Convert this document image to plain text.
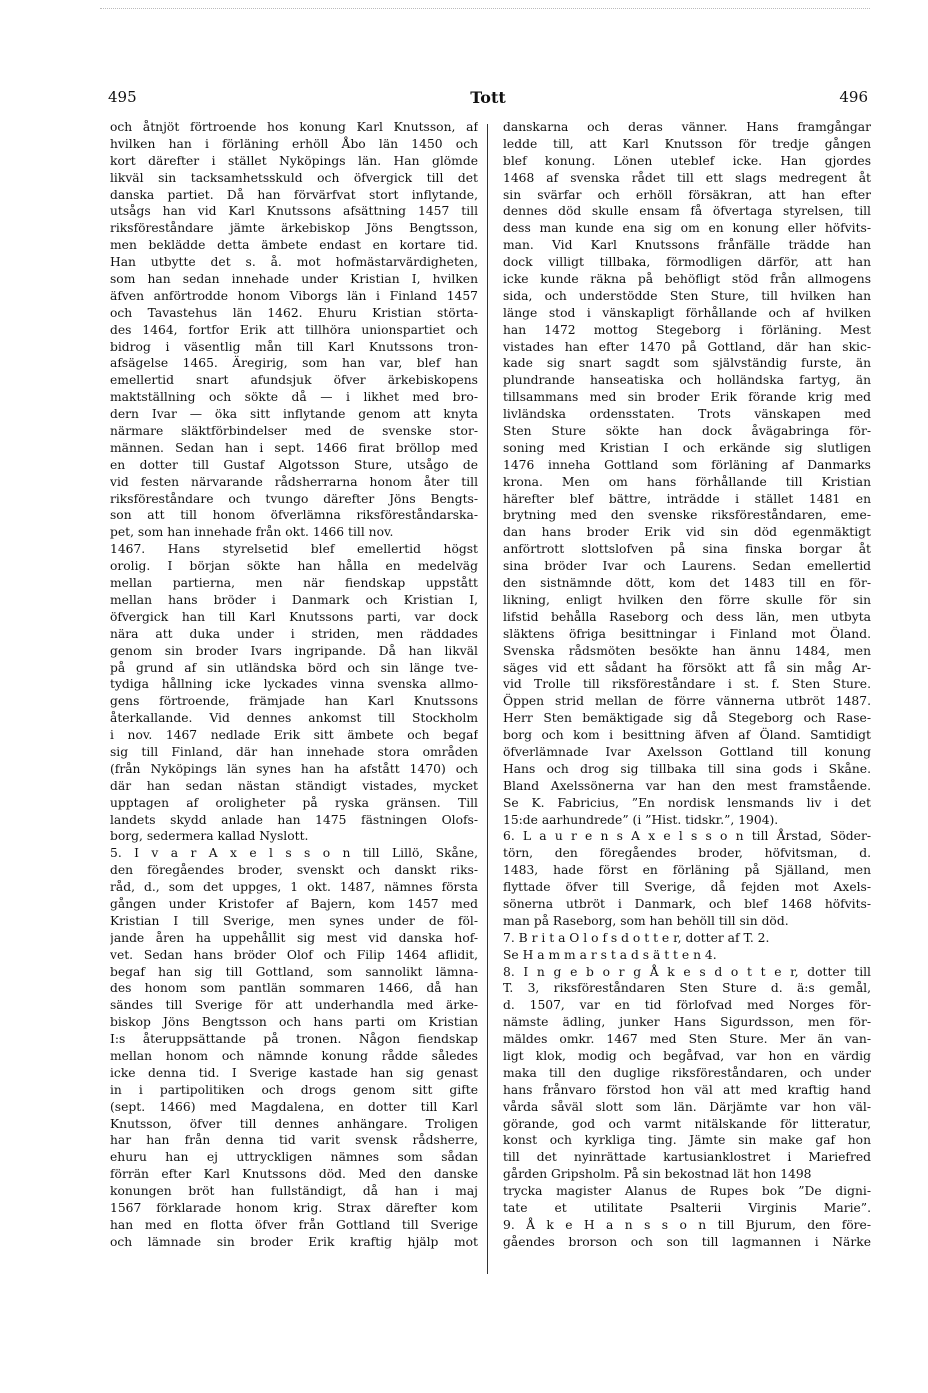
495	Tott	496
och åtnjöt förtroende hos konung Karl Knutsson, af
hvilken han i förläning erhöll Åbo län 1450 och
kort därefter i stället Nyköpings län. Han glömde
likväl sin tacksamhetsskuld och öfvergick till det
danska partiet. Då han förvärfvat stort inflytande,
utsågs han vid Karl Knutssons afsättning 1457 till
riksföreståndare jämte ärkebiskop Jöns Bengtsson,
men beklädde detta ämbete endast en kortare tid.
Han utbytte det s. å. mot hofmästarvärdigheten,
som han sedan innehade under Kristian I, hvilken
äfven anförtrodde honom Viborgs län i Finland 1457
och Tavastehus län 1462. Ehuru Kristian störta-
des 1464, fortfor Erik att tillhöra unionspartiet och
bidrog i väsentlig mån till Karl Knutssons tron-
afsägelse 1465. Äregirig, som han var, blef han
emellertid snart afundsjuk öfver ärkebiskopens
maktställning och sökte då — i likhet med bro-
dern Ivar — öka sitt inflytande genom att knyta
närmare släktförbindelser med de svenske stor-
männen. Sedan han i sept. 1466 firat bröllop med
en dotter till Gustaf Algotsson Sture, utsågo de
vid festen närvarande rådsherrarna honom åter till
riksföreståndare och tvungo därefter Jöns Bengts-
son att till honom öfverlämna riksföreståndarska-
pet, som han innehade från okt. 1466 till nov.
1467. Hans styrelsetid blef emellertid högst
orolig. I början sökte han hålla en medelväg
mellan partierna, men när fiendskap uppstått
mellan hans bröder i Danmark och Kristian I,
öfvergick han till Karl Knutssons parti, var dock
nära att duka under i striden, men räddades
genom sin broder Ivars ingripande. Då han likväl
på grund af sin utländska börd och sin länge tve-
tydiga hållning icke lyckades vinna svenska allmo-
gens förtroende, främjade han Karl Knutssons
återkallande. Vid dennes ankomst till Stockholm
i nov. 1467 nedlade Erik sitt ämbete och begaf
sig till Finland, där han innehade stora områden
(från Nyköpings län synes han ha afstått 1470) och
där han sedan nästan ständigt vistades, mycket
upptagen af oroligheter på ryska gränsen. Till
landets skydd anlade han 1475 fästningen Olofs-
borg, sedermera kallad Nyslott.
5. I v a r A x e l s s o n till Lillö, Skåne,
den föregåendes broder, svenskt och danskt riks-
råd, d., som det uppges, 1 okt. 1487, nämnes första
gången under Kristofer af Bajern, kom 1457 med
Kristian I till Sverige, men synes under de föl-
jande åren ha uppehållit sig mest vid danska hof-
vet. Sedan hans bröder Olof och Filip 1464 aflidit,
begaf han sig till Gottland, som sannolikt lämna-
des honom som pantlän sommaren 1466, då han
sändes till Sverige för att underhandla med ärke-
biskop Jöns Bengtsson och hans parti om Kristian
I:s återuppsättande på tronen. Någon fiendskap
mellan honom och nämnde konung rådde således
icke denna tid. I Sverige kastade han sig genast
in i partipolitiken och drogs genom sitt gifte
(sept. 1466) med Magdalena, en dotter till Karl
Knutsson, öfver till dennes anhängare. Troligen
har han från denna tid varit svensk rådsherre,
ehuru han ej uttryckligen nämnes som sådan
förrän efter Karl Knutssons död. Med den danske
konungen bröt han fullständigt, då han i maj
1567 förklarade honom krig. Strax därefter kom
han med en flotta öfver från Gottland till Sverige
och lämnade sin broder Erik kraftig hjälp mot
danskarna och deras vänner. Hans framgångar
ledde till, att Karl Knutsson för tredje gången
blef konung. Lönen uteblef icke. Han gjordes
1468 af svenska rådet till ett slags medregent åt
sin svärfar och erhöll försäkran, att han efter
dennes död skulle ensam få öfvertaga styrelsen, till
dess man kunde ena sig om en konung eller höfvits-
man. Vid Karl Knutssons frånfälle trädde han
dock villigt tillbaka, förmodligen därför, att han
icke kunde räkna på behöfligt stöd från allmogens
sida, och understödde Sten Sture, till hvilken han
länge stod i vänskapligt förhållande och af hvilken
han 1472 mottog Stegeborg i förläning. Mest
vistades han efter 1470 på Gottland, där han skic-
kade sig snart sagdt som självständig furste, än
plundrande hanseatiska och holländska fartyg, än
tillsammans med sin broder Erik förande krig med
livländska ordensstaten. Trots vänskapen med
Sten Sture sökte han dock åvägabringa för-
soning med Kristian I och erkände sig slutligen
1476 inneha Gottland som förläning af Danmarks
krona. Men om hans förhållande till Kristian
härefter blef bättre, inträdde i stället 1481 en
brytning med den svenske riksföreståndaren, eme-
dan hans broder Erik vid sin död egenmäktigt
anförtrott slottslofven på sina finska borgar åt
sina bröder Ivar och Laurens. Sedan emellertid
den sistnämnde dött, kom det 1483 till en för-
likning, enligt hvilken den förre skulle för sin
lifstid behålla Raseborg och dess län, men utbyta
släktens öfriga besittningar i Finland mot Öland.
Svenska rådsmöten besökte han ännu 1484, men
säges vid ett sådant ha försökt att få sin måg Ar-
vid Trolle till riksföreståndare i st. f. Sten Sture.
Öppen strid mellan de förre vännerna utbröt 1487.
Herr Sten bemäktigade sig då Stegeborg och Rase-
borg och kom i besittning äfven af Öland. Samtidigt
öfverlämnade Ivar Axelsson Gottland till konung
Hans och drog sig tillbaka till sina gods i Skåne.
Bland Axelssönerna var han den mest framstående.
Se K. Fabricius, ”En nordisk lensmands liv i det
15:de aarhundrede” (i ”Hist. tidskr.”, 1904).
6. L a u r e n s A x e l s s o n till Årstad, Söder-
törn, den föregåendes broder, höfvitsman, d.
1483, hade först en förläning på Själland, men
flyttade öfver till Sverige, då fejden mot Axels-
sönerna utbröt i Danmark, och blef 1468 höfvits-
man på Raseborg, som han behöll till sin död.
7. B r i t a O l o f s d o t t e r, dotter af T. 2.
Se H a m m a r s t a d s ä t t e n 4.
8. I n g e b o r g Å k e s d o t t e r, dotter till
T. 3, riksföreståndaren Sten Sture d. ä:s gemål,
d. 1507, var en tid förlofvad med Norges för-
nämste ädling, junker Hans Sigurdsson, men för-
mäldes omkr. 1467 med Sten Sture. Mer än van-
ligt klok, modig och begåfvad, var hon en värdig
maka till den duglige riksföreståndaren, och under
hans frånvaro förstod hon väl att med kraftig hand
vårda såväl slott som län. Därjämte var hon väl-
görande, god och varmt nitälskande för litteratur,
konst och kyrkliga ting. Jämte sin make gaf hon
till det nyinrättade kartusianklostret i Mariefred
gården Gripsholm. På sin bekostnad lät hon 1498
trycka magister Alanus de Rupes bok ”De digni-
tate et utilitate Psalterii Virginis Marie”.
9. Å k e H a n s s o n till Bjurum, den före-
gåendes brorson och son till lagmannen i Närke
